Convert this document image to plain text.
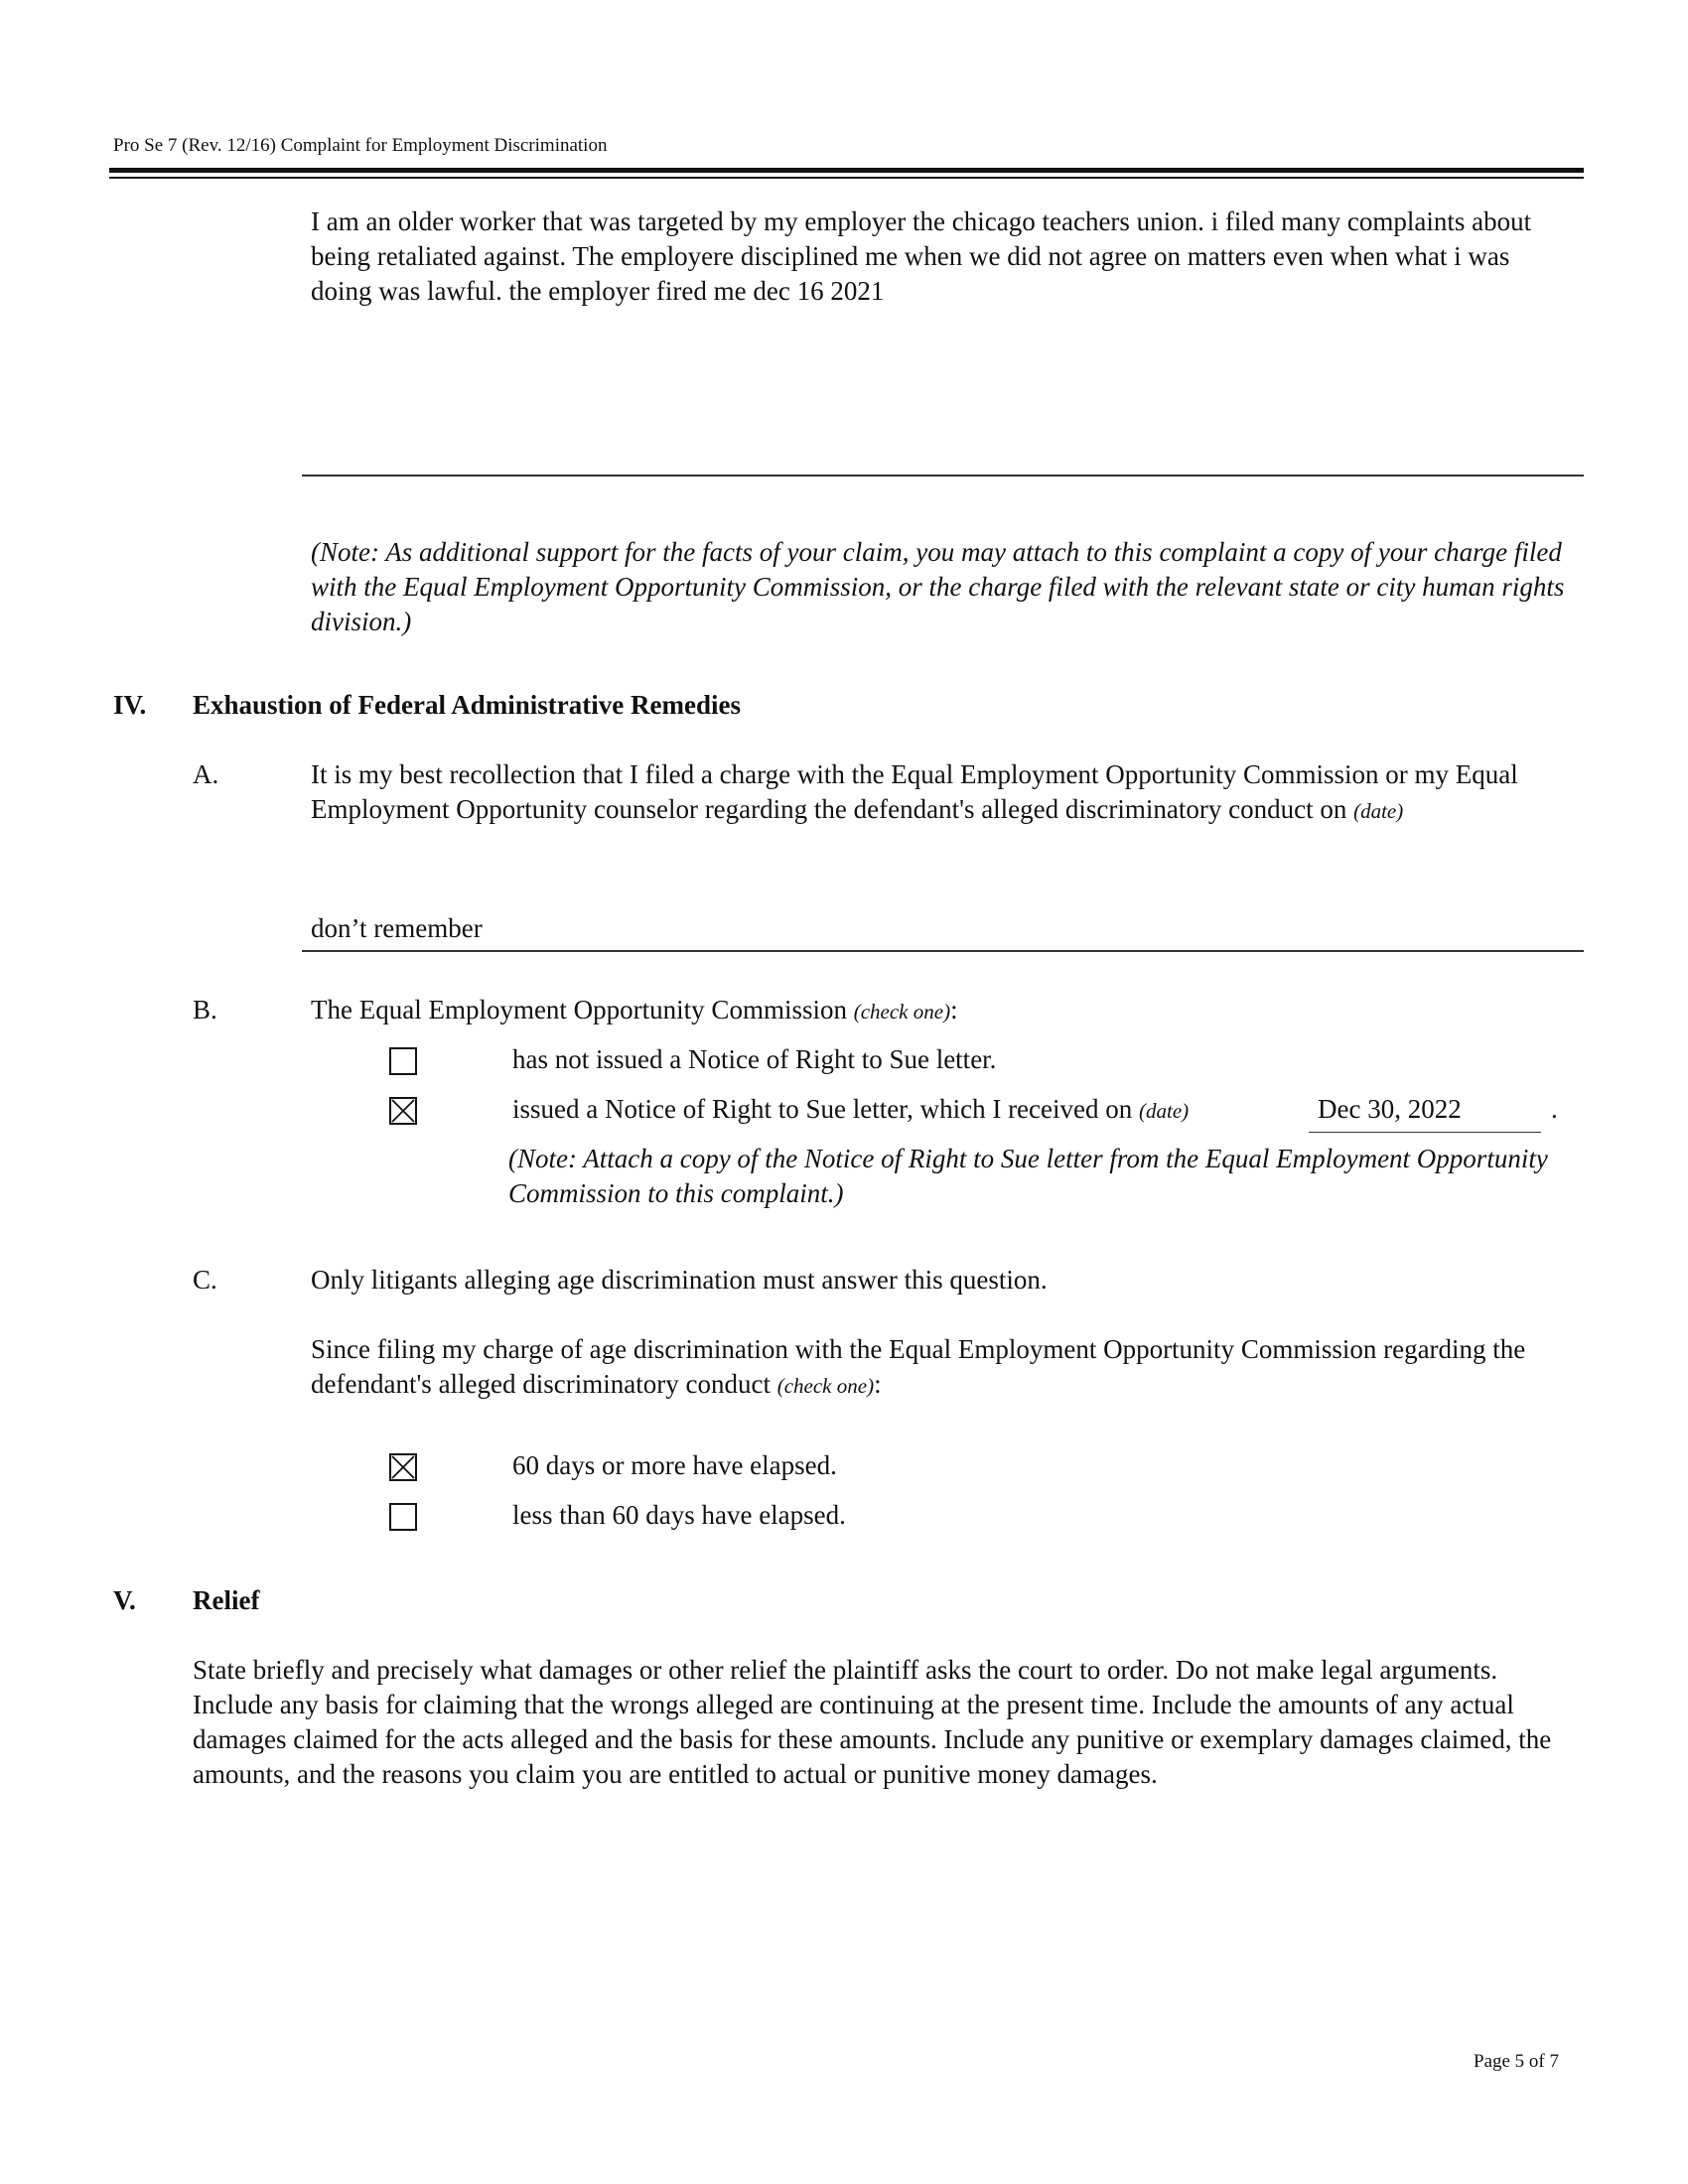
Pro Se 7 (Rev. 12/16) Complaint for Employment Discrimination
I am an older worker that was targeted by my employer the chicago teachers union. i filed many complaints about being retaliated against. The employere disciplined me when we did not agree on matters even when what i was doing was lawful. the employer fired me dec 16 2021
(Note: As additional support for the facts of your claim, you may attach to this complaint a copy of your charge filed with the Equal Employment Opportunity Commission, or the charge filed with the relevant state or city human rights division.)
IV. Exhaustion of Federal Administrative Remedies
A.	It is my best recollection that I filed a charge with the Equal Employment Opportunity Commission or my Equal Employment Opportunity counselor regarding the defendant's alleged discriminatory conduct on (date)
don’t remember
B.	The Equal Employment Opportunity Commission (check one):
has not issued a Notice of Right to Sue letter.
issued a Notice of Right to Sue letter, which I received on (date)	Dec 30, 2022	.
(Note: Attach a copy of the Notice of Right to Sue letter from the Equal Employment Opportunity Commission to this complaint.)
C.	Only litigants alleging age discrimination must answer this question.
Since filing my charge of age discrimination with the Equal Employment Opportunity Commission regarding the defendant's alleged discriminatory conduct (check one):
60 days or more have elapsed.
less than 60 days have elapsed.
V. Relief
State briefly and precisely what damages or other relief the plaintiff asks the court to order. Do not make legal arguments. Include any basis for claiming that the wrongs alleged are continuing at the present time. Include the amounts of any actual damages claimed for the acts alleged and the basis for these amounts. Include any punitive or exemplary damages claimed, the amounts, and the reasons you claim you are entitled to actual or punitive money damages.
Page 5 of 7
